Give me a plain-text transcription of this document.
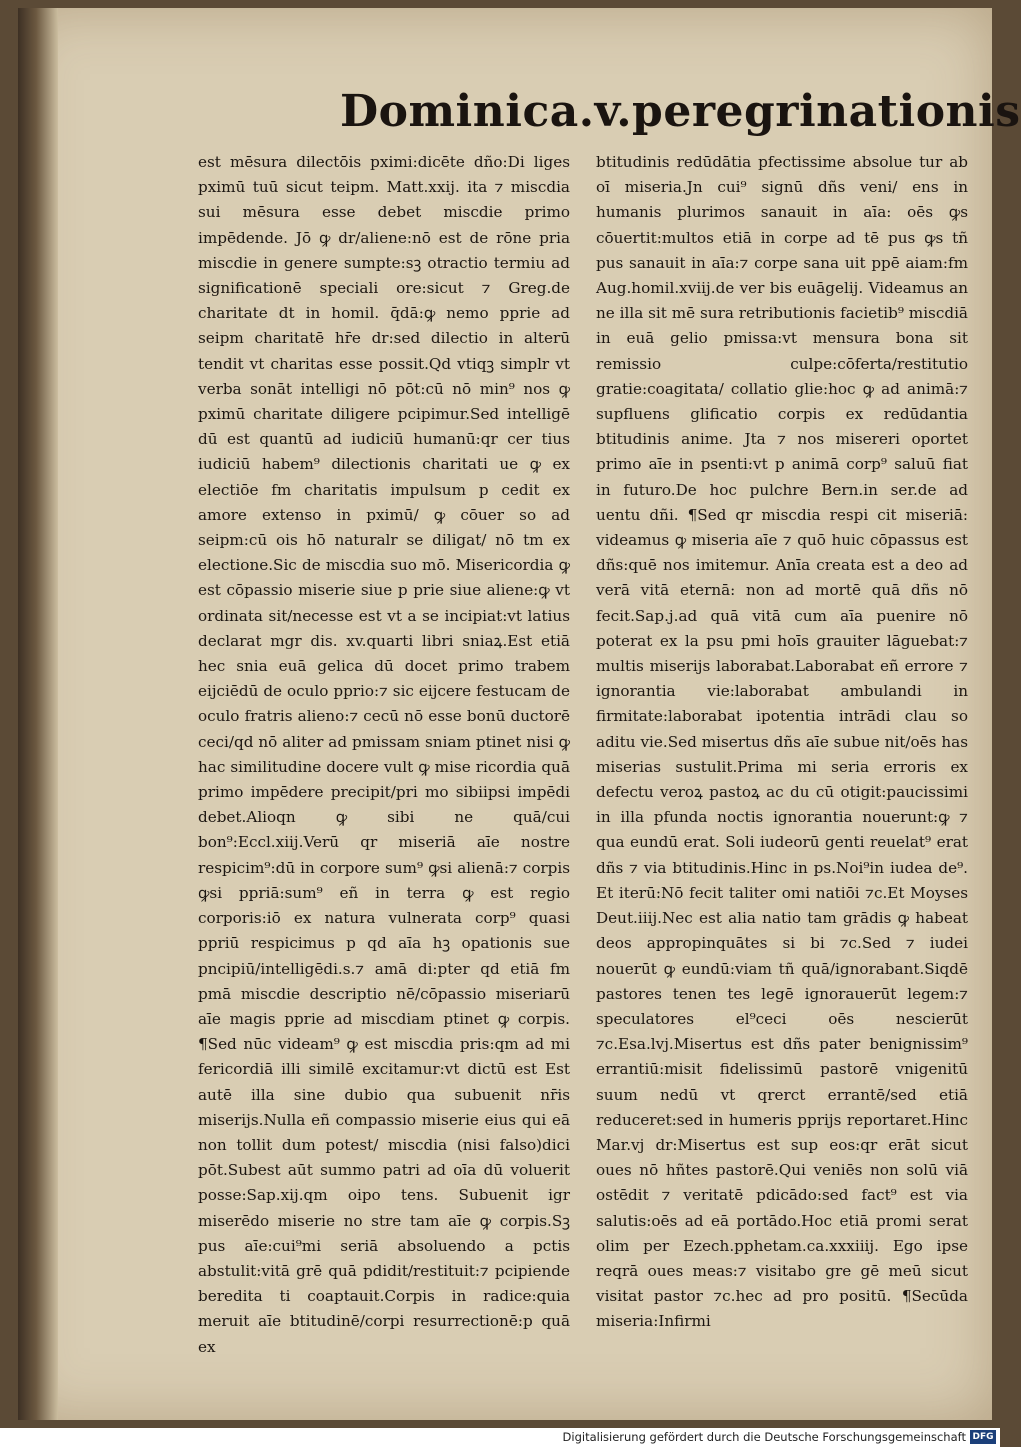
Dominica.v.peregrinationis

est mēsura dilectōis pximi:dicēte dño:Di liges pximū tuū sicut teipm. Matt.xxij. ita ⁊ miscdia sui mēsura esse debet miscdie primo impēdende. Jō ꝙ dr/aliene:nō est de rōne pria miscdie in genere sumpte:sꝫ otractio termiu ad significationē speciali ore:sicut ⁊ Greg.de charitate dt in homil. q̄dā:ꝙ nemo pprie ad seipm charitatē hr̄e dr:sed dilectio in alterū tendit vt charitas esse possit.Qd vtiqꝫ simplr vt verba sonāt intelligi nō pōt:cū nō min⁹ nos ꝙ pximū charitate diligere pcipimur.Sed intelligē dū est quantū ad iudiciū humanū:qr cer tius iudiciū habem⁹ dilectionis charitati ue ꝙ ex electiōe fm charitatis impulsum p cedit ex amore extenso in pximū/ ꝙ cōuer so ad seipm:cū ois hō naturalr se diligat/ nō tm ex electione.Sic de miscdia suo mō. Misericordia ꝙ est cōpassio miserie siue p prie siue aliene:ꝙ vt ordinata sit/necesse est vt a se incipiat:vt latius declarat mgr dis. xv.quarti libri sniaꝝ.Est etiā hec snia euā gelica dū docet primo trabem eijciēdū de oculo pprio:⁊ sic eijcere festucam de oculo fratris alieno:⁊ cecū nō esse bonū ductorē ceci/qd nō aliter ad pmissam sniam ptinet nisi ꝙ hac similitudine docere vult ꝙ mise ricordia quā primo impēdere precipit/pri mo sibiipsi impēdi debet.Alioqn ꝙ sibi ne quā/cui bon⁹:Eccl.xiij.Verū qr miseriā aīe nostre respicim⁹:dū in corpore sum⁹ ꝙsi alienā:⁊ corpis ꝙsi ppriā:sum⁹ eñ in terra ꝙ est regio corporis:iō ex natura vulnerata corp⁹ quasi ppriū respicimus p qd aīa hꝫ opationis sue pncipiū/intelligēdi.s.⁊ amā di:pter qd etiā fm pmā miscdie descriptio nē/cōpassio miseriarū aīe magis pprie ad miscdiam ptinet ꝙ corpis. ¶Sed nūc videam⁹ ꝙ est miscdia pris:qm ad mi fericordiā illi similē excitamur:vt dictū est Est autē illa sine dubio qua subuenit nr̄is miserijs.Nulla eñ compassio miserie eius qui eā non tollit dum potest/ miscdia (nisi falso)dici pōt.Subest aūt summo patri ad oīa dū voluerit posse:Sap.xij.qm oipo tens. Subuenit igr miserēdo miserie no stre tam aīe ꝙ corpis.Sꝫ pus aīe:cui⁹mi seriā absoluendo a pctis abstulit:vitā grē quā pdidit/restituit:⁊ pcipiende beredita ti coaptauit.Corpis in radice:quia meruit aīe btitudinē/corpi resurrectionē:p quā ex

btitudinis redūdātia pfectissime absolue tur ab oī miseria.Jn cui⁹ signū dñs veni/ ens in humanis plurimos sanauit in aīa: oēs ꝙs cōuertit:multos etiā in corpe ad tē pus ꝙs tñ pus sanauit in aīa:⁊ corpe sana uit ppē aiam:fm Aug.homil.xviij.de ver bis euāgelij. Videamus an ne illa sit mē sura retributionis facietib⁹ miscdiā in euā gelio pmissa:vt mensura bona sit remissio culpe:cōferta/restitutio gratie:coagitata/ collatio glie:hoc ꝙ ad animā:⁊ supfluens glificatio corpis ex redūdantia btitudinis anime. Jta ⁊ nos misereri oportet primo aīe in psenti:vt p animā corp⁹ saluū fiat in futuro.De hoc pulchre Bern.in ser.de ad uentu dñi. ¶Sed qr miscdia respi cit miseriā: videamus ꝙ miseria aīe ⁊ quō huic cōpassus est dñs:quē nos imitemur. Anīa creata est a deo ad verā vitā eternā: non ad mortē quā dñs nō fecit.Sap.j.ad quā vitā cum aīa puenire nō poterat ex la psu pmi hoīs grauiter lāguebat:⁊ multis miserijs laborabat.Laborabat eñ errore ⁊ ignorantia vie:laborabat ambulandi in firmitate:laborabat ipotentia intrādi clau so aditu vie.Sed misertus dñs aīe subue nit/oēs has miserias sustulit.Prima mi seria erroris ex defectu veroꝝ pastoꝝ ac du cū otigit:paucissimi in illa pfunda noctis ignorantia nouerunt:ꝙ ⁊ qua eundū erat. Soli iudeorū genti reuelat⁹ erat dñs ⁊ via btitudinis.Hinc in ps.Noi⁹in iudea de⁹. Et iterū:Nō fecit taliter omi natiōi ⁊c.Et Moyses Deut.iiij.Nec est alia natio tam grādis ꝙ habeat deos appropinquātes si bi ⁊c.Sed ⁊ iudei nouerūt ꝙ eundū:viam tñ quā/ignorabant.Siqdē pastores tenen tes legē ignorauerūt legem:⁊ speculatores el⁹ceci oēs nescierūt ⁊c.Esa.lvj.Misertus est dñs pater benignissim⁹ errantiū:misit fidelissimū pastorē vnigenitū suum nedū vt qrerct errantē/sed etiā reduceret:sed in humeris pprijs reportaret.Hinc Mar.vj dr:Misertus est sup eos:qr erāt sicut oues nō hñtes pastorē.Qui veniēs non solū viā ostēdit ⁊ veritatē pdicādo:sed fact⁹ est via salutis:oēs ad eā portādo.Hoc etiā promi serat olim per Ezech.pphetam.ca.xxxiiij. Ego ipse reqrā oues meas:⁊ visitabo gre gē meū sicut visitat pastor ⁊c.hec ad pro positū. ¶Secūda miseria:Infirmi

Digitalisierung gefördert durch die Deutsche Forschungsgemeinschaft DFG
